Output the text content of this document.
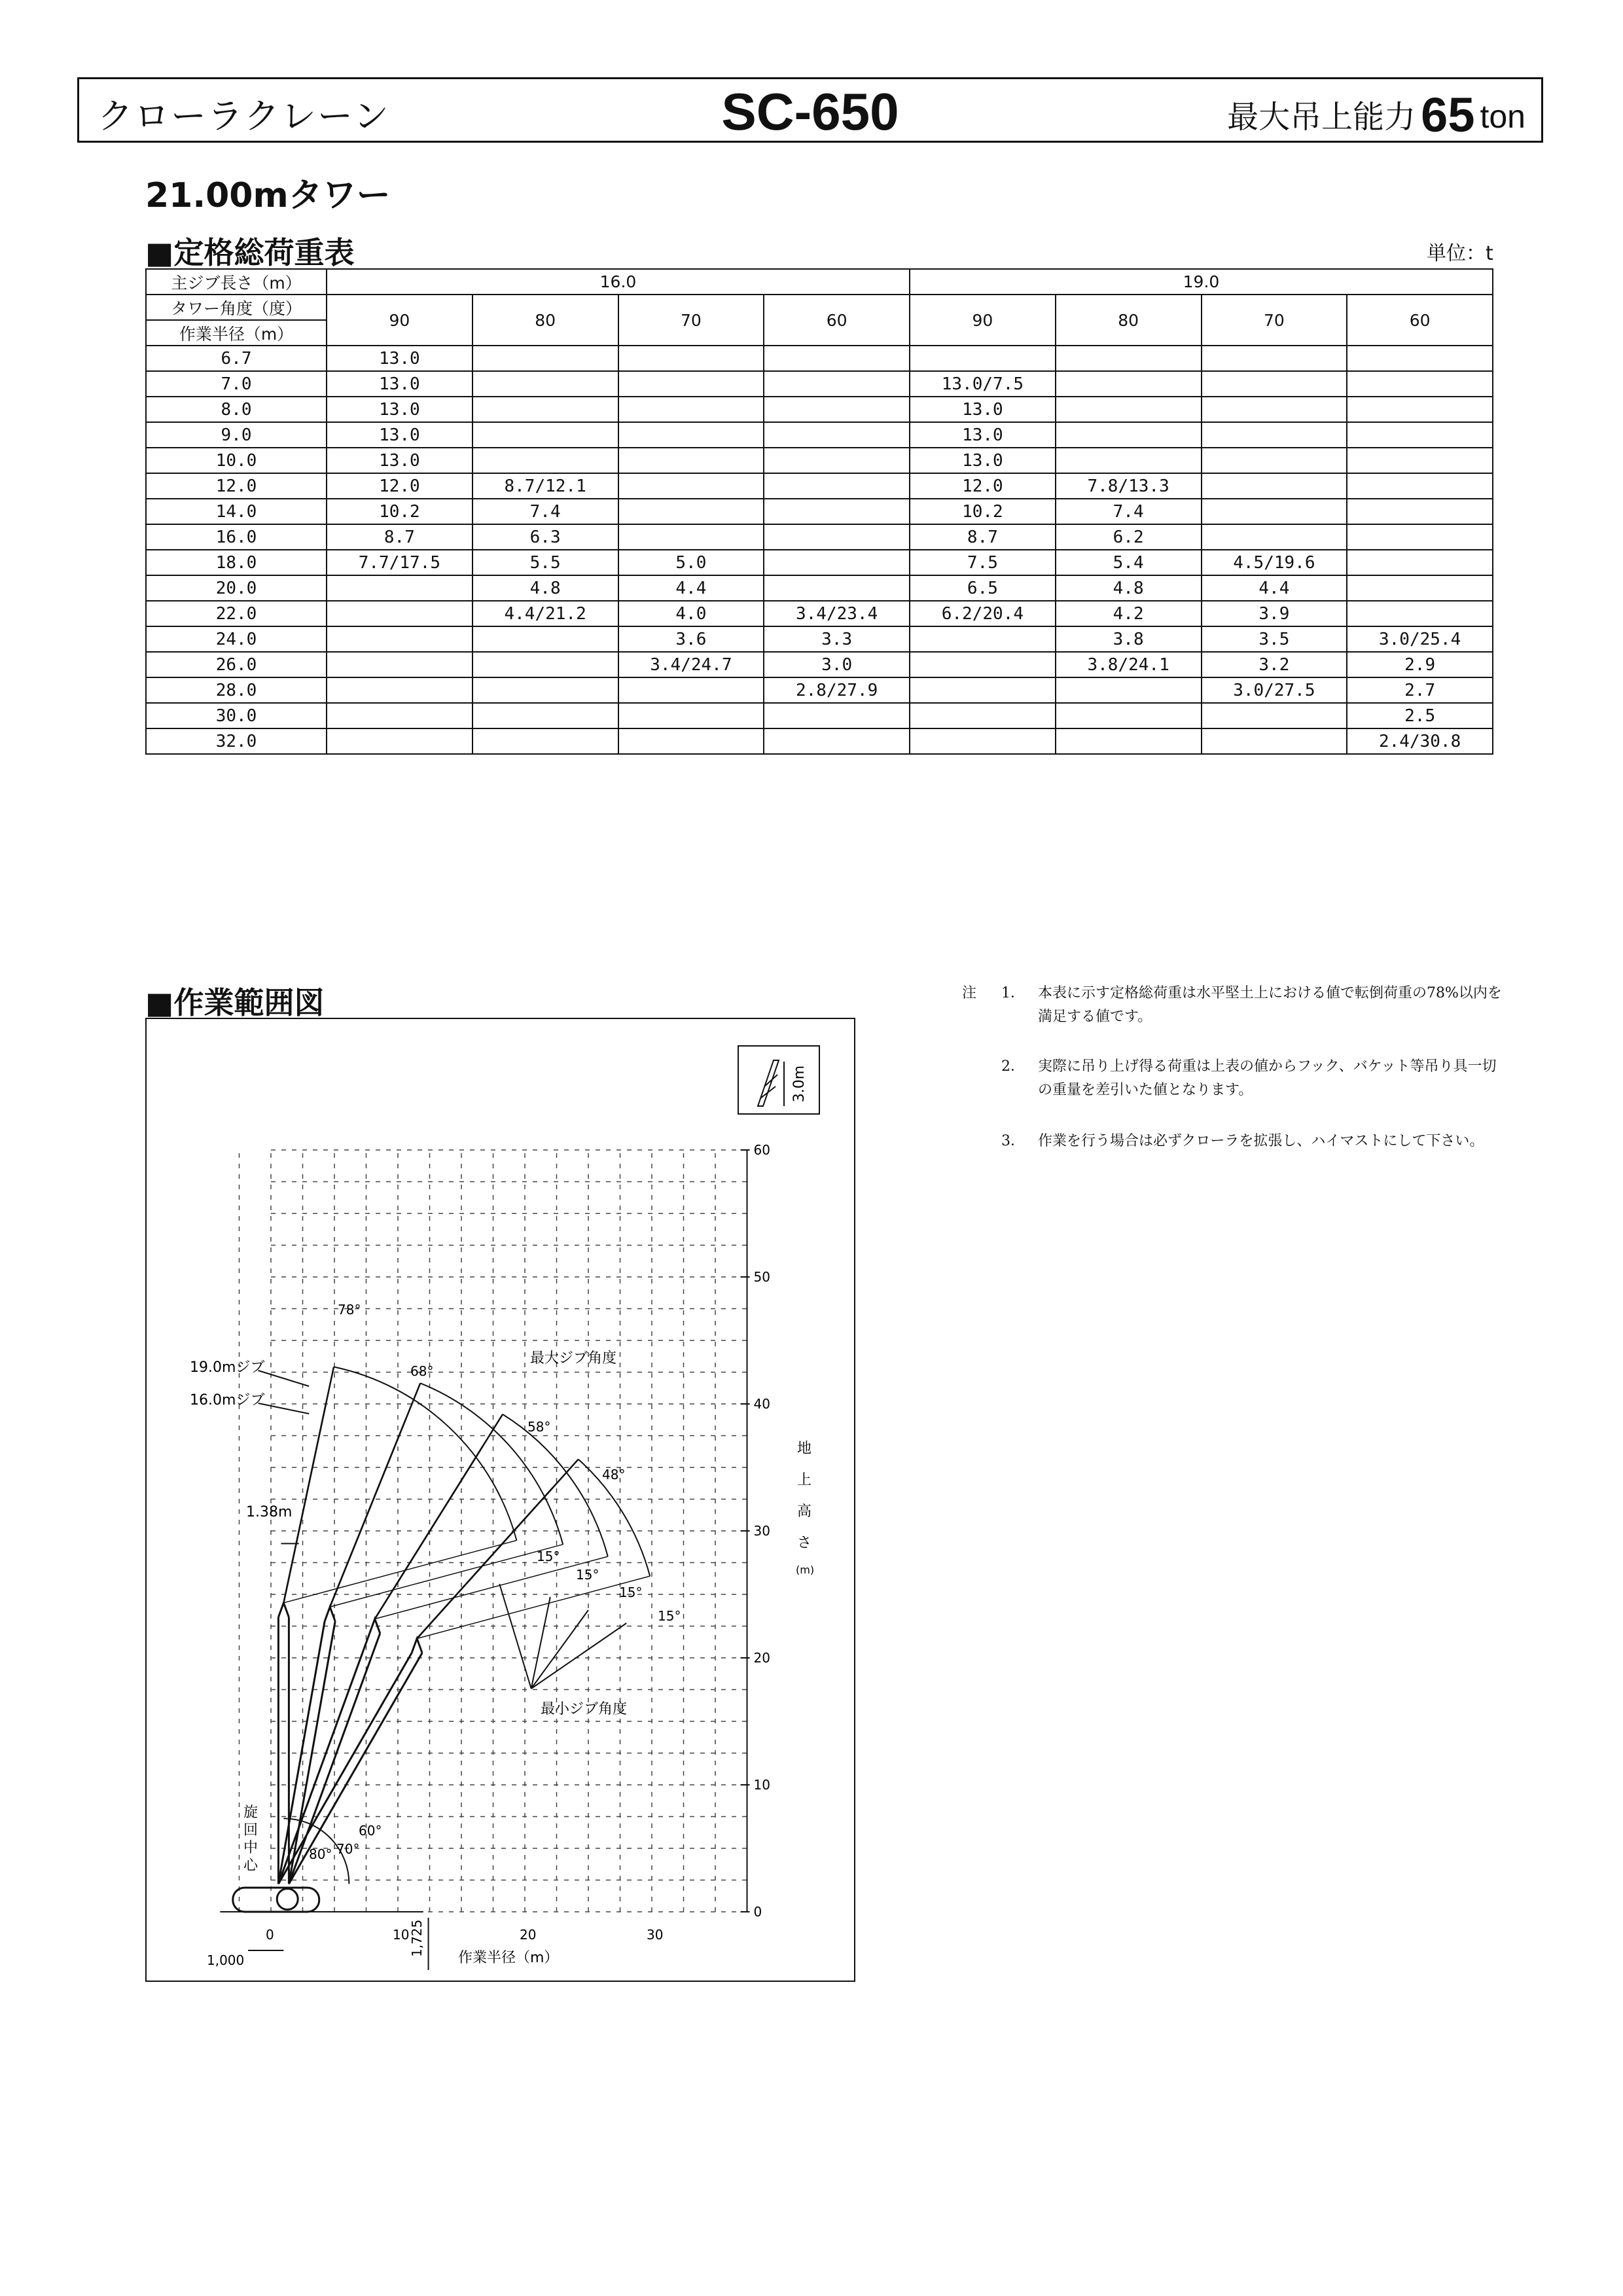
クローラクレーン	SC-650	最大吊上能力 65 ton
21.00mタワー
■定格総荷重表	単位：t
主ジブ長さ（m）	16.0				19.0			
タワー角度（度）	90	80	70	60	90	80	70	60
作業半径（m）								
6.7	13.0							
7.0	13.0				13.0/7.5			
8.0	13.0				13.0			
9.0	13.0				13.0			
10.0	13.0				13.0			
12.0	12.0	8.7/12.1			12.0	7.8/13.3		
14.0	10.2	7.4			10.2	7.4		
16.0	8.7	6.3			8.7	6.2		
18.0	7.7/17.5	5.5	5.0		7.5	5.4	4.5/19.6	
20.0		4.8	4.4		6.5	4.8	4.4	
22.0		4.4/21.2	4.0	3.4/23.4	6.2/20.4	4.2	3.9	
24.0			3.6	3.3		3.8	3.5	3.0/25.4
26.0			3.4/24.7	3.0		3.8/24.1	3.2	2.9
28.0				2.8/27.9			3.0/27.5	2.7
30.0								2.5
32.0								2.4/30.8
■作業範囲図
0
10
20
30
40
50
60
0	10	20	30
3.0m
19.0mジブ
16.0mジブ
1.38m
最大ジブ角度
最小ジブ角度
78°
68°
58°
48°
15°
15°
15°
15°
80° 70°
60°
旋
回
中
心
1,000
1,725
作業半径（m）
地
上
高
さ
(m)
注 1． 本表に示す定格総荷重は水平堅土上における値で転倒荷重の78%以内を満足する値です。
2． 実際に吊り上げ得る荷重は上表の値からフック、バケット等吊り具一切の重量を差引いた値となります。
3． 作業を行う場合は必ずクローラを拡張し、ハイマストにして下さい。
